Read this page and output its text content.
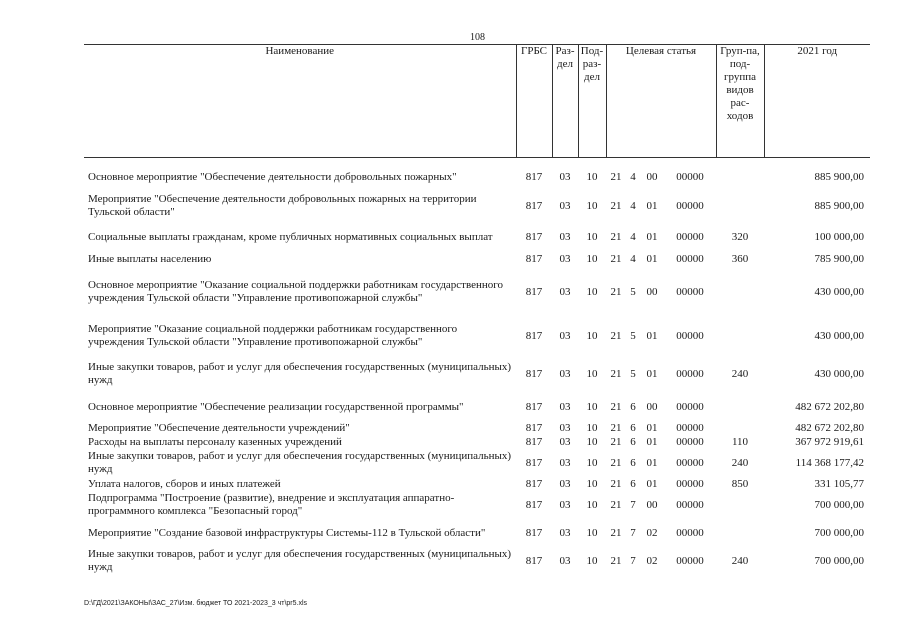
108
Наименование	ГРБС	Раз-дел	Под-раз-дел	Целевая статья				Груп-па, под-группа видов рас-ходов	2021 год

Основное мероприятие "Обеспечение деятельности добровольных пожарных"	817	03	10	21	4	00	00000		885 900,00
Мероприятие "Обеспечение деятельности добровольных пожарных на территории Тульской области"	817	03	10	21	4	01	00000		885 900,00
Социальные выплаты гражданам, кроме публичных нормативных социальных выплат	817	03	10	21	4	01	00000	320	100 000,00
Иные выплаты населению	817	03	10	21	4	01	00000	360	785 900,00
Основное мероприятие "Оказание социальной поддержки работникам государственного учреждения Тульской области "Управление противопожарной службы"	817	03	10	21	5	00	00000		430 000,00
Мероприятие "Оказание социальной поддержки работникам государственного учреждения Тульской области "Управление противопожарной службы"	817	03	10	21	5	01	00000		430 000,00
Иные закупки товаров, работ и услуг для обеспечения государственных (муниципальных) нужд	817	03	10	21	5	01	00000	240	430 000,00
Основное мероприятие "Обеспечение реализации государственной программы"	817	03	10	21	6	00	00000		482 672 202,80
Мероприятие "Обеспечение деятельности учреждений"	817	03	10	21	6	01	00000		482 672 202,80
Расходы на выплаты персоналу казенных учреждений	817	03	10	21	6	01	00000	110	367 972 919,61
Иные закупки товаров, работ и услуг для обеспечения государственных (муниципальных) нужд	817	03	10	21	6	01	00000	240	114 368 177,42
Уплата налогов, сборов и иных платежей	817	03	10	21	6	01	00000	850	331 105,77
Подпрограмма "Построение (развитие), внедрение и эксплуатация аппаратно-программного комплекса "Безопасный город"	817	03	10	21	7	00	00000		700 000,00
Мероприятие "Создание базовой инфраструктуры Системы-112 в Тульской области"	817	03	10	21	7	02	00000		700 000,00
Иные закупки товаров, работ и услуг для обеспечения государственных (муниципальных) нужд	817	03	10	21	7	02	00000	240	700 000,00
D:\ГД\2021\ЗАКОНЫ\ЗАС_27\Изм. бюджет ТО 2021-2023_3 чт\pr5.xls
